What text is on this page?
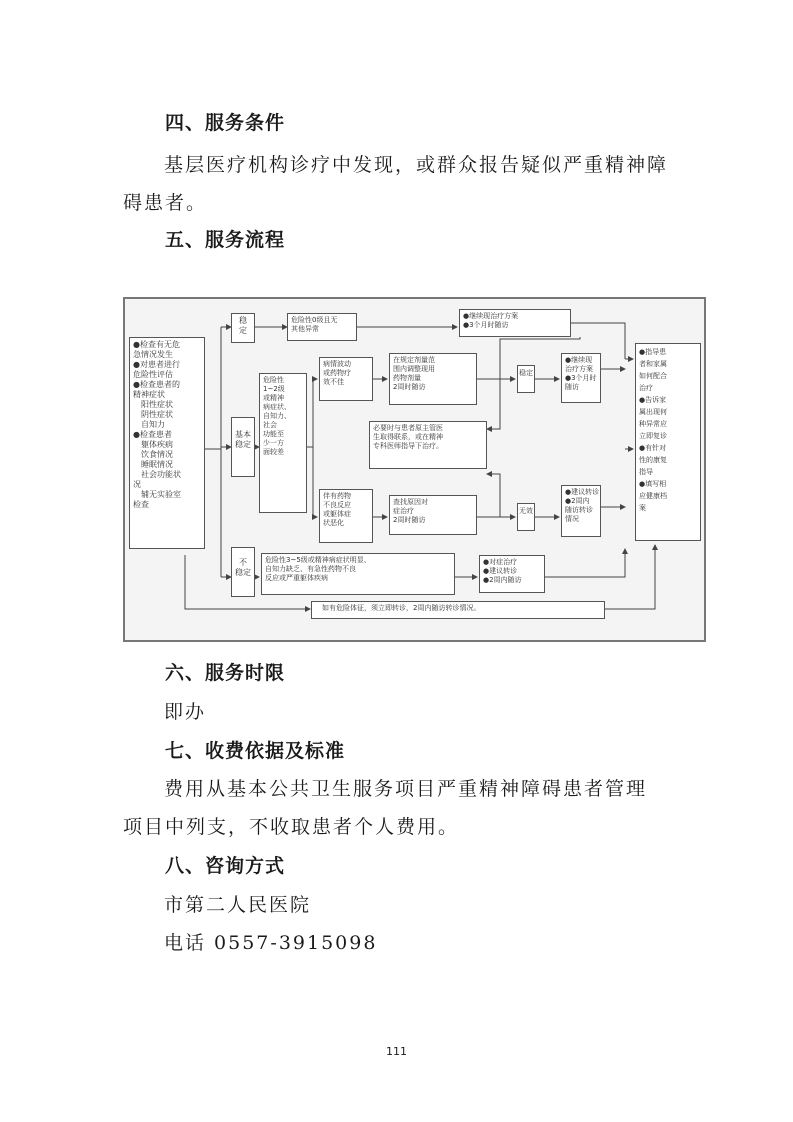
四、服务条件
基层医疗机构诊疗中发现，或群众报告疑似严重精神障
碍患者。
五、服务流程
●检查有无危
急情况发生
●对患者进行
危险性评估
●检查患者的
精神症状
阳性症状
阴性症状
自知力
●检查患者
躯体疾病
饮食情况
睡眠情况
社会功能状
况
辅无实验室
检查
稳定
基本
稳定
不
稳定
危险性0级且无
其他异常
●继续现治疗方案
●3个月时随访
危险性
1~2级
或精神
病症状、
自知力、
社会
功能至
少一方
面较差
病情波动
或药物疗
效不佳
在规定剂量范
围内调整现用
药物剂量
2周时随访
必要时与患者原主管医
生取得联系，或在精神
专科医师指导下治疗。
伴有药物
不良反应
或躯体症
状恶化
查找原因对
症治疗
2周时随访
稳定
无效
●继续现
治疗方案
●3个月时
随访
●建议转诊
●2周内
随访转诊
情况
危险性3~5级或精神病症状明显、
自知力缺乏、有急性药物不良
反应或严重躯体疾病
●对症治疗
●建议转诊
●2周内随访
●指导患
者和家属
如何配合
治疗
●告诉家
属出现何
种异常应
立即复诊
●有针对
性的康复
指导
●填写相
应健康档
案
如有危险体征，须立即转诊，2周内随访转诊情况。
六、服务时限
即办
七、收费依据及标准
费用从基本公共卫生服务项目严重精神障碍患者管理
项目中列支，不收取患者个人费用。
八、咨询方式
市第二人民医院
电话 0557-3915098
111
